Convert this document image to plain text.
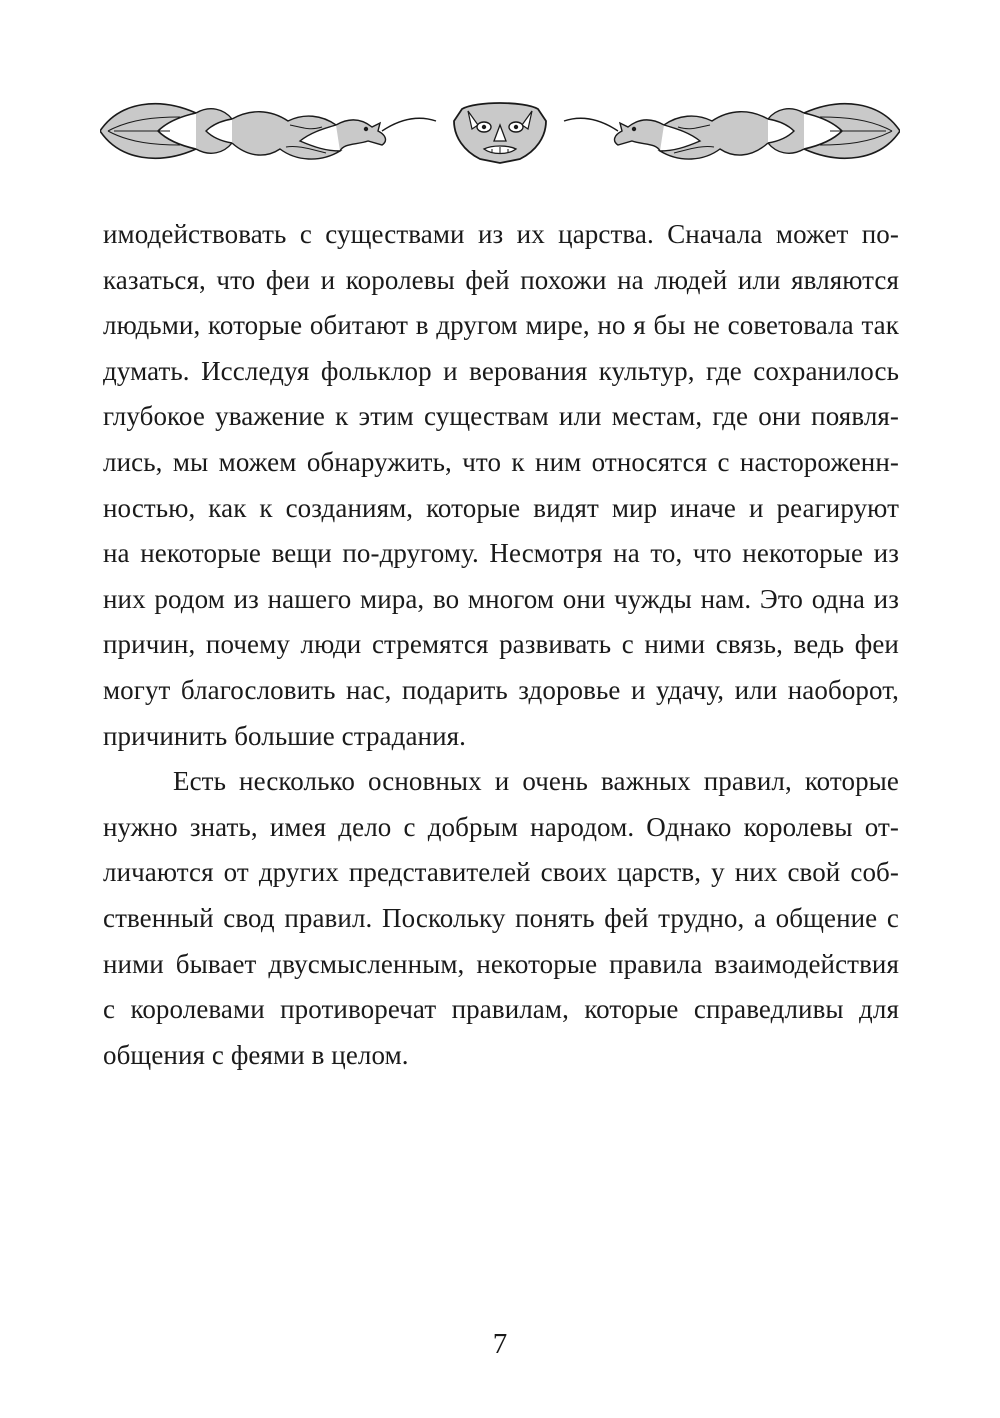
имодействовать с существами из их царства. Сначала может по-
казаться, что феи и королевы фей похожи на людей или являются
людьми, которые обитают в другом мире, но я бы не советовала так
думать. Исследуя фольклор и верования культур, где сохранилось
глубокое уважение к этим существам или местам, где они появля-
лись, мы можем обнаружить, что к ним относятся с настороженн-
ностью, как к созданиям, которые видят мир иначе и реагируют
на некоторые вещи по-другому. Несмотря на то, что некоторые из
них родом из нашего мира, во многом они чужды нам. Это одна из
причин, почему люди стремятся развивать с ними связь, ведь феи
могут благословить нас, подарить здоровье и удачу, или наоборот,
причинить большие страдания.
Есть несколько основных и очень важных правил, которые
нужно знать, имея дело с добрым народом. Однако королевы от-
личаются от других представителей своих царств, у них свой соб-
ственный свод правил. Поскольку понять фей трудно, а общение с
ними бывает двусмысленным, некоторые правила взаимодействия
с королевами противоречат правилам, которые справедливы для
общения с феями в целом.
7
